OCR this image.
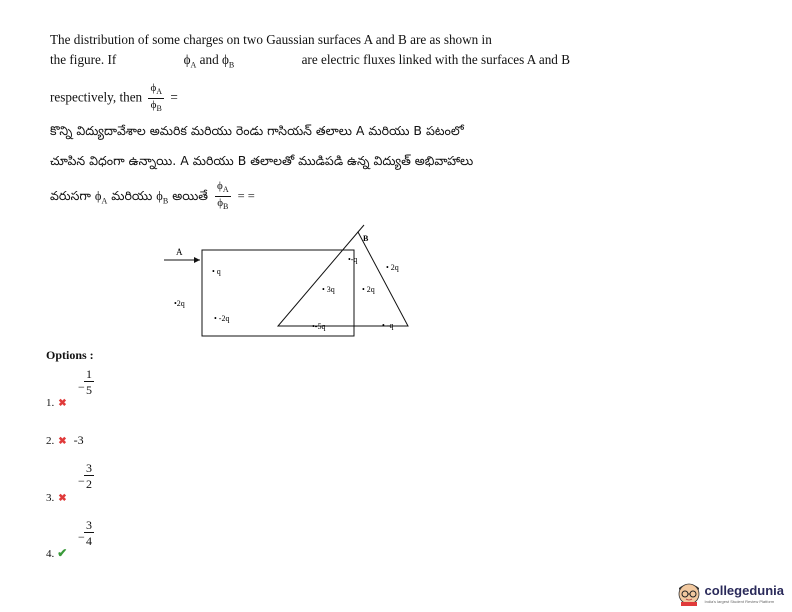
The distribution of some charges on two Gaussian surfaces A and B are as shown in
the figure. If	$\phi_A$ and $\phi_B$	are electric fluxes linked with the surfaces A and B
respectively, then $\frac{\phi_A}{\phi_B}$ =
కొన్ని విద్యుదావేశాల అమరిక మరియు రెండు గాసియన్ తలాలు A మరియు B పటంలో
చూపిన విధంగా ఉన్నాయి. A మరియు B తలాలతో ముడిపడి ఉన్న విద్యుత్ అభివాహాలు
వరుసగా $\phi_A$ మరియు $\phi_B$ అయితే $\frac{\phi_A}{\phi_B}$ = =
A
B
• q
•2q
• -2q
•-q
• 2q
• 3q	• 2q
•-5q	• -q
Options :
1. ✖
−
1
5
2. ✖ -3
3. ✖
−
3
2
4. ✔
−
3
4
collegedunia
India's largest Student Review Platform
